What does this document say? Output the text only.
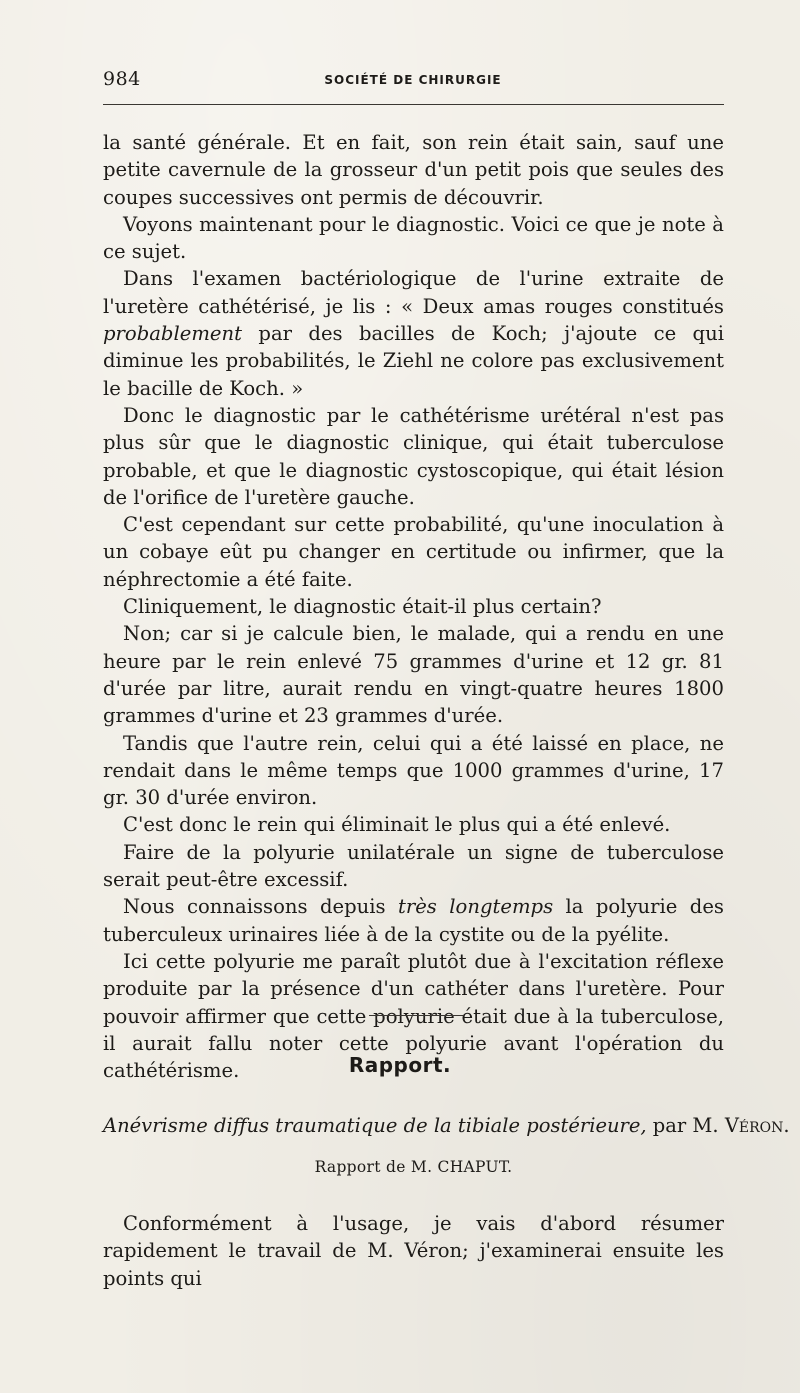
984	SOCIÉTÉ DE CHIRURGIE

la santé générale. Et en fait, son rein était sain, sauf une petite cavernule de la grosseur d'un petit pois que seules des coupes successives ont permis de découvrir.

Voyons maintenant pour le diagnostic. Voici ce que je note à ce sujet.

Dans l'examen bactériologique de l'urine extraite de l'uretère cathétérisé, je lis : « Deux amas rouges constitués probablement par des bacilles de Koch; j'ajoute ce qui diminue les probabilités, le Ziehl ne colore pas exclusivement le bacille de Koch. »

Donc le diagnostic par le cathétérisme urétéral n'est pas plus sûr que le diagnostic clinique, qui était tuberculose probable, et que le diagnostic cystoscopique, qui était lésion de l'orifice de l'uretère gauche.

C'est cependant sur cette probabilité, qu'une inoculation à un cobaye eût pu changer en certitude ou infirmer, que la néphrectomie a été faite.

Cliniquement, le diagnostic était-il plus certain?

Non; car si je calcule bien, le malade, qui a rendu en une heure par le rein enlevé 75 grammes d'urine et 12 gr. 81 d'urée par litre, aurait rendu en vingt-quatre heures 1800 grammes d'urine et 23 grammes d'urée.

Tandis que l'autre rein, celui qui a été laissé en place, ne rendait dans le même temps que 1000 grammes d'urine, 17 gr. 30 d'urée environ.

C'est donc le rein qui éliminait le plus qui a été enlevé.

Faire de la polyurie unilatérale un signe de tuberculose serait peut-être excessif.

Nous connaissons depuis très longtemps la polyurie des tuberculeux urinaires liée à de la cystite ou de la pyélite.

Ici cette polyurie me paraît plutôt due à l'excitation réflexe produite par la présence d'un cathéter dans l'uretère. Pour pouvoir affirmer que cette polyurie était due à la tuberculose, il aurait fallu noter cette polyurie avant l'opération du cathétérisme.	Rapport.
Anévrisme diffus traumatique de la tibiale postérieure, par M. Véron.
Rapport de M. CHAPUT.

Conformément à l'usage, je vais d'abord résumer rapidement le travail de M. Véron; j'examinerai ensuite les points qui
